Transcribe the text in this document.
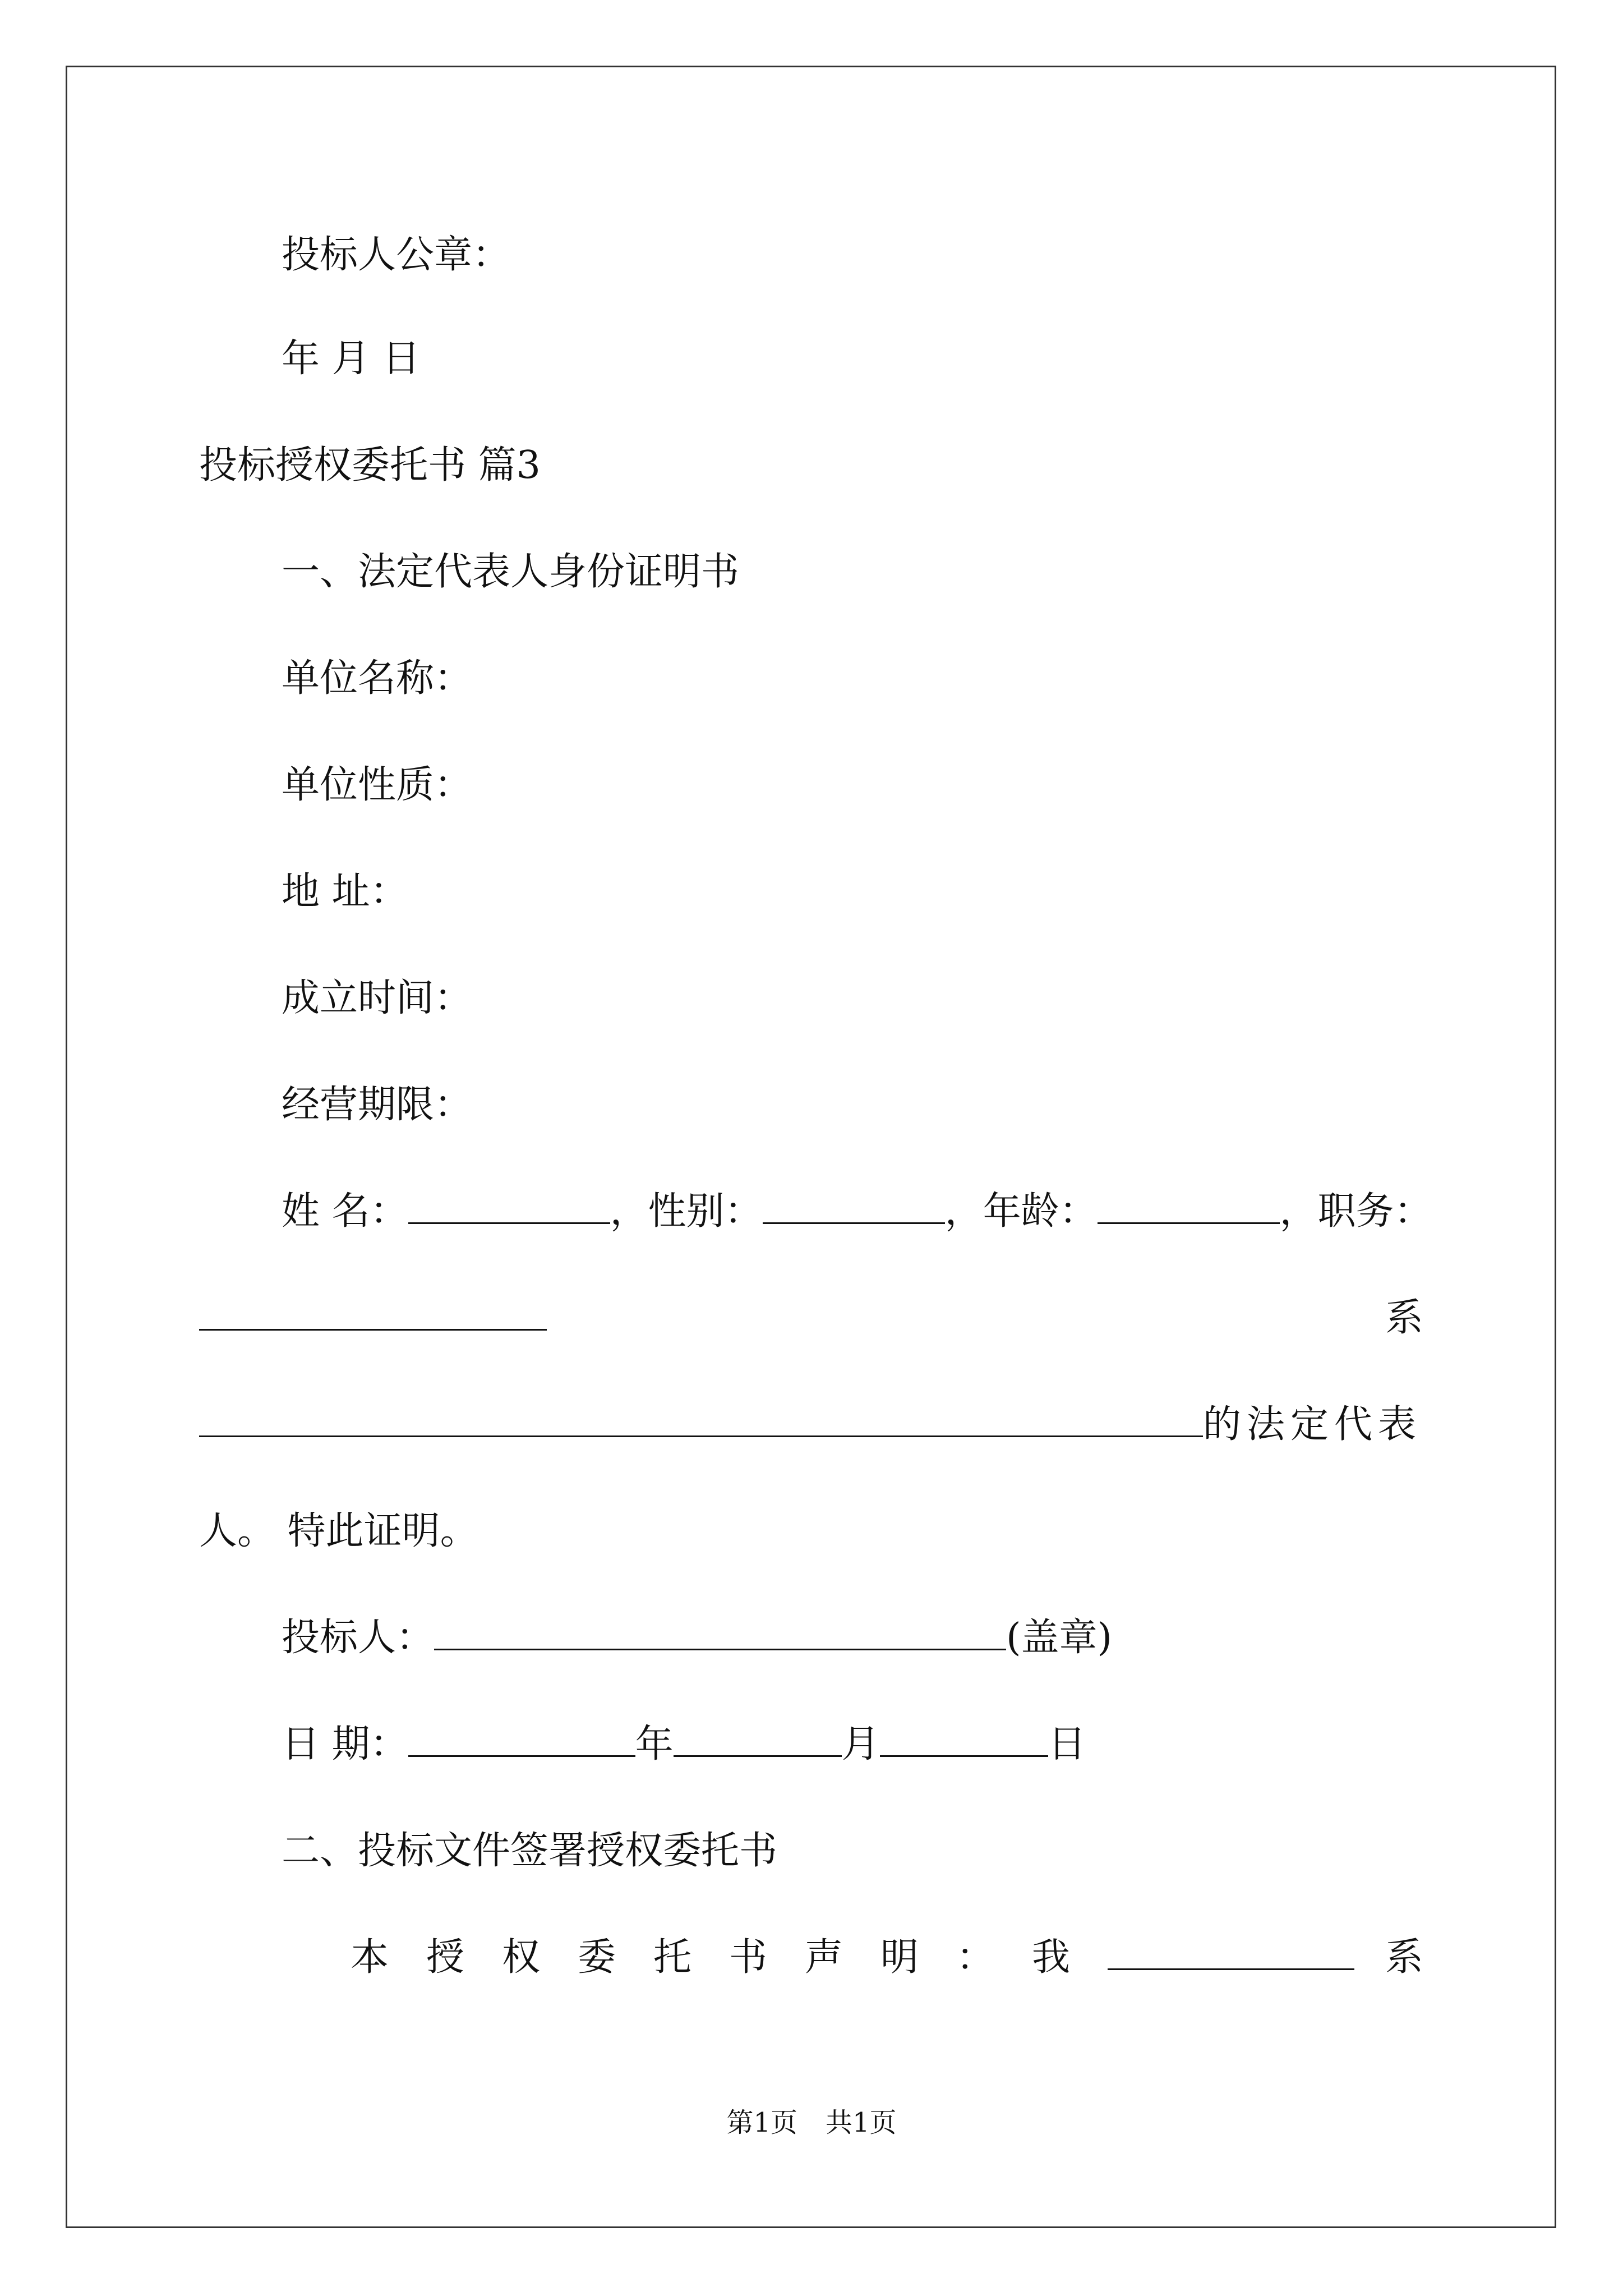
投标人公章：
年 月 日
投标授权委托书 篇3
一、法定代表人身份证明书
单位名称：
单位性质：
地 址：
成立时间：
经营期限：
姓 名：	，性别：	，年龄：	，职务：
系
的法定代表
人。 特此证明。
投标人：	(盖章)
日 期：	年	月	日
二、投标文件签署授权委托书
本 授 权 委 托 书 声 明 ： 我	系
第1页 共1页
